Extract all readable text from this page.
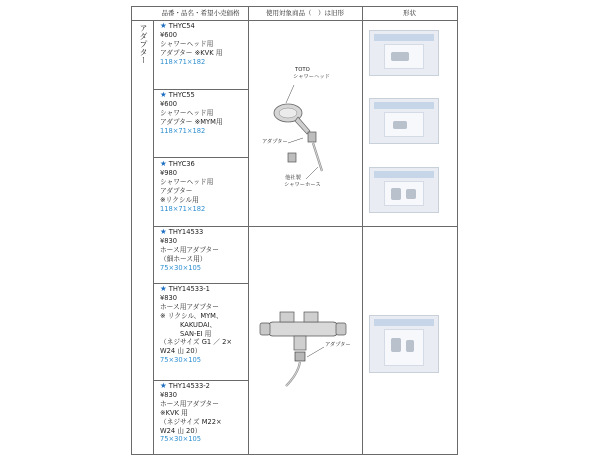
品番・品名・希望小売価格	使用対象商品（　）は旧形	形状
アダプター ★ THYC54
¥600
シャワーヘッド用
アダプター ※KVK 用
118×71×182
★ THYC55
¥600
シャワーヘッド用
アダプター ※MYM用
118×71×182
★ THYC36
¥980
シャワーヘッド用
アダプター
※リクシル用
118×71×182
★ THY14533
¥830
ホース用アダプター
（細ホース用）
75×30×105
★ THY14533-1
¥830
ホース用アダプター
※ リクシル、MYM、
KAKUDAI、
SAN-EI 用
（ネジサイズ G1 ／ 2×
W24 山 20）
75×30×105
★ THY14533-2
¥830
ホース用アダプター
※KVK 用
（ネジサイズ M22×
W24 山 20）
75×30×105
TOTO
シャワーヘッド
アダプター
他社製
シャワーホース
アダプター
